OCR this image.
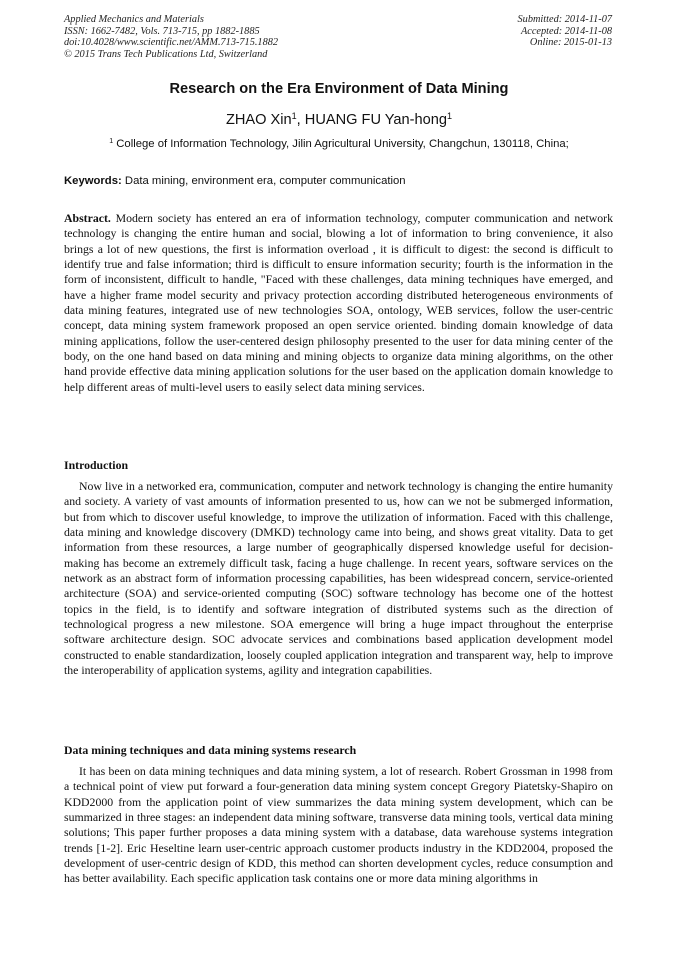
Applied Mechanics and Materials
ISSN: 1662-7482, Vols. 713-715, pp 1882-1885
doi:10.4028/www.scientific.net/AMM.713-715.1882
© 2015 Trans Tech Publications Ltd, Switzerland
Submitted: 2014-11-07
Accepted: 2014-11-08
Online: 2015-01-13
Research on the Era Environment of Data Mining
ZHAO Xin$^1$, HUANG FU Yan-hong$^1$
$^1$ College of Information Technology, Jilin Agricultural University, Changchun, 130118, China;
Keywords: Data mining, environment era, computer communication

Abstract. Modern society has entered an era of information technology, computer communication and network technology is changing the entire human and social, blowing a lot of information to bring convenience, it also brings a lot of new questions, the first is information overload , it is difficult to digest: the second is difficult to identify true and false information; third is difficult to ensure information security; fourth is the information in the form of inconsistent, difficult to handle, "Faced with these challenges, data mining techniques have emerged, and have a higher frame model security and privacy protection according distributed heterogeneous environments of data mining features, integrated use of new technologies SOA, ontology, WEB services, follow the user-centric concept, data mining system framework proposed an open service oriented. binding domain knowledge of data mining applications, follow the user-centered design philosophy presented to the user for data mining center of the body, on the one hand based on data mining and mining objects to organize data mining algorithms, on the other hand provide effective data mining application solutions for the user based on the application domain knowledge to help different areas of multi-level users to easily select data mining services.

Introduction

Now live in a networked era, communication, computer and network technology is changing the entire humanity and society. A variety of vast amounts of information presented to us, how can we not be submerged information, but from which to discover useful knowledge, to improve the utilization of information. Faced with this challenge, data mining and knowledge discovery (DMKD) technology came into being, and shows great vitality. Data to get information from these resources, a large number of geographically dispersed knowledge useful for decision-making has become an extremely difficult task, facing a huge challenge. In recent years, software services on the network as an abstract form of information processing capabilities, has been widespread concern, service-oriented architecture (SOA) and service-oriented computing (SOC) software technology has become one of the hottest topics in the field, is to identify and software integration of distributed systems such as the direction of technological progress a new milestone. SOA emergence will bring a huge impact throughout the enterprise software architecture design. SOC advocate services and combinations based application development model constructed to enable standardization, loosely coupled application integration and transparent way, help to improve the interoperability of application systems, agility and integration capabilities.

Data mining techniques and data mining systems research

It has been on data mining techniques and data mining system, a lot of research. Robert Grossman in 1998 from a technical point of view put forward a four-generation data mining system concept Gregory Piatetsky-Shapiro on KDD2000 from the application point of view summarizes the data mining system development, which can be summarized in three stages: an independent data mining software, transverse data mining tools, vertical data mining solutions; This paper further proposes a data mining system with a database, data warehouse systems integration trends [1-2]. Eric Heseltine learn user-centric approach customer products industry in the KDD2004, proposed the development of user-centric design of KDD, this method can shorten development cycles, reduce consumption and has better availability. Each specific application task contains one or more data mining algorithms in
